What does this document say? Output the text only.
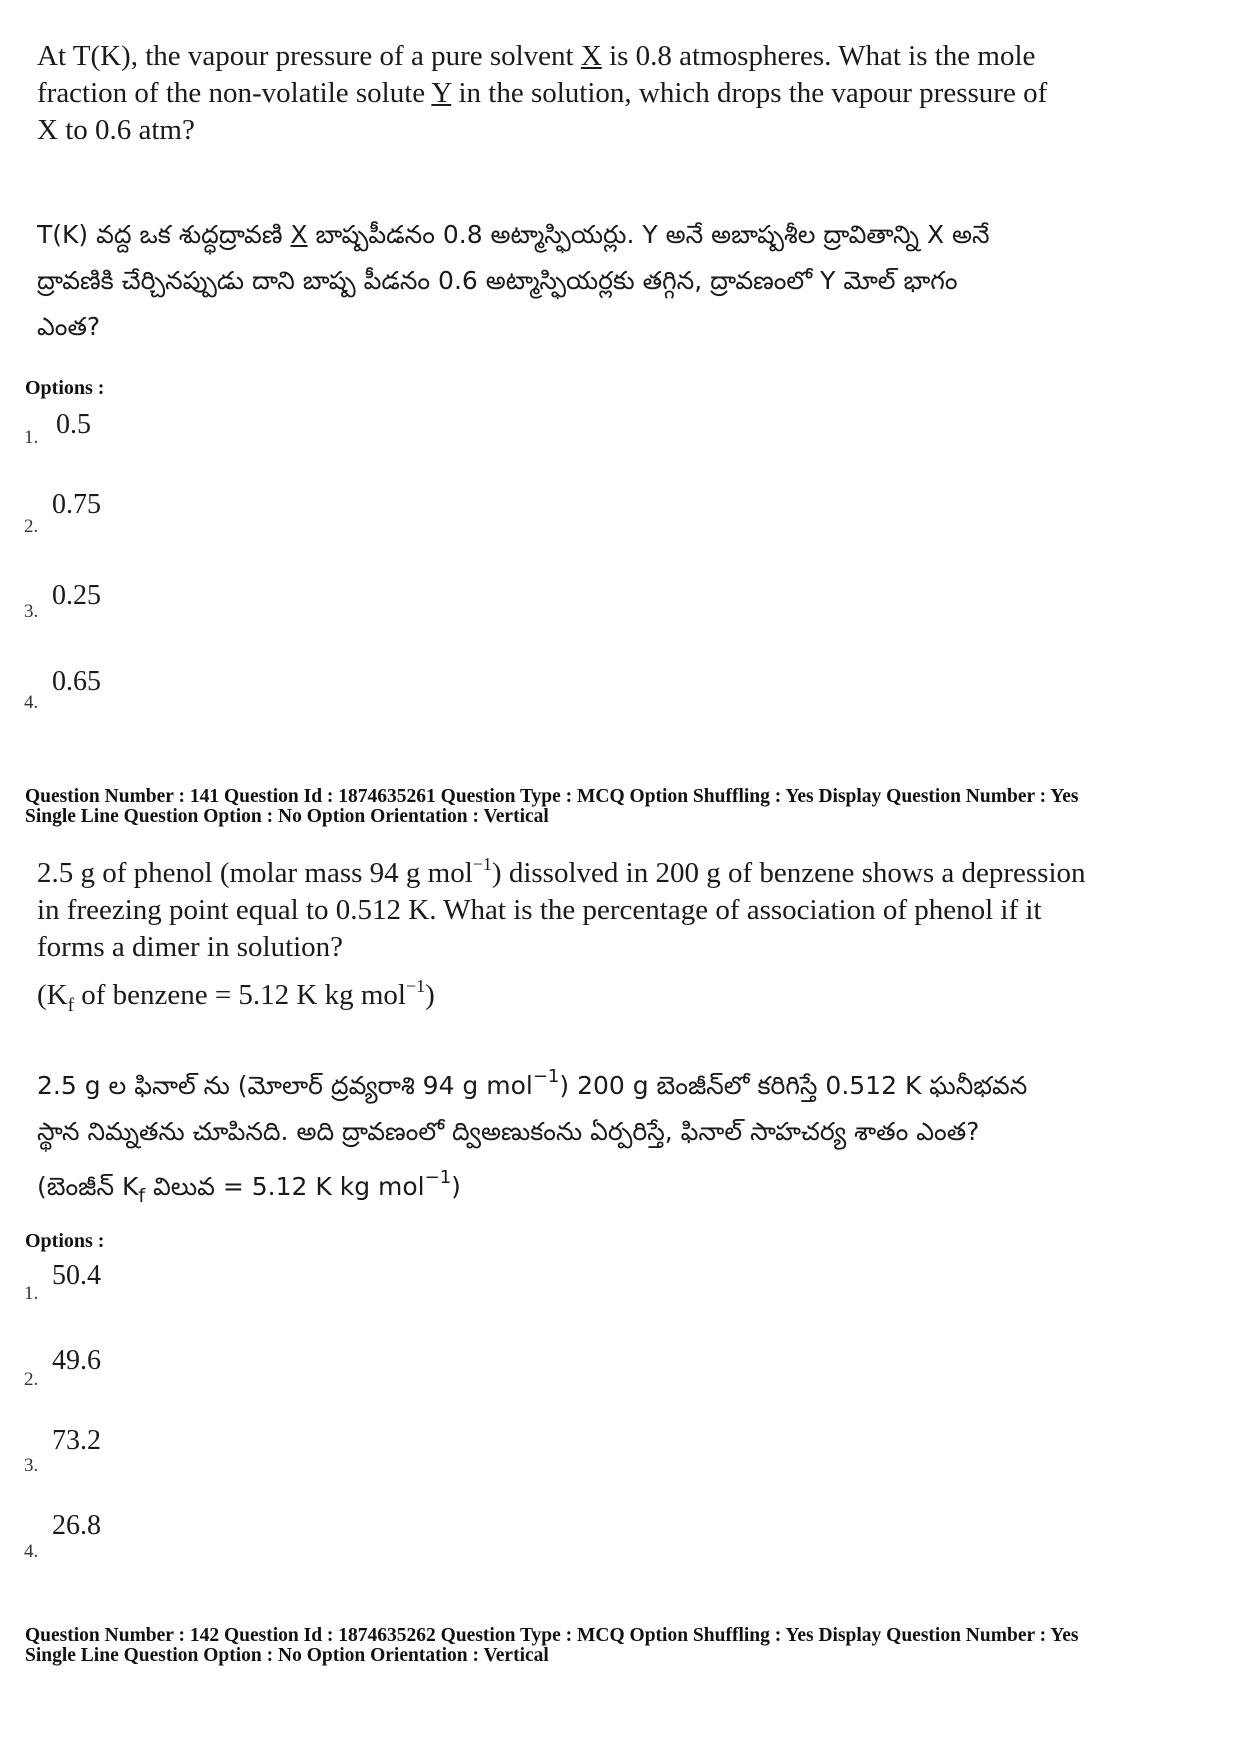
At T(K), the vapour pressure of a pure solvent X is 0.8 atmospheres. What is the mole

fraction of the non-volatile solute Y in the solution, which drops the vapour pressure of

X to 0.6 atm?

T(K) వద్ద ఒక శుద్ధద్రావణి X బాష్పపీడనం 0.8 అట్మాస్ఫియర్లు. Y అనే అబాష్పశీల ద్రావితాన్ని X అనే

ద్రావణికి చేర్చినప్పుడు దాని బాష్ప పీడనం 0.6 అట్మాస్ఫియర్లకు తగ్గిన, ద్రావణంలో Y మోల్ భాగం

ఎంత?

Options :
1. 0.5
2.
0.75
3.
0.25
4.
0.65

Question Number : 141 Question Id : 1874635261 Question Type : MCQ Option Shuffling : Yes Display Question Number : Yes

Single Line Question Option : No Option Orientation : Vertical

2.5 g of phenol (molar mass 94 g mol$^{-1}$) dissolved in 200 g of benzene shows a depression

in freezing point equal to 0.512 K. What is the percentage of association of phenol if it

forms a dimer in solution?

($K_f$ of benzene = 5.12 K kg mol$^{-1}$)

2.5 g ల ఫినాల్ ను (మోలార్ ద్రవ్యరాశి 94 g mol$^{-1}$) 200 g బెంజీన్‌లో కరిగిస్తే 0.512 K ఘనీభవన

స్థాన నిమ్నతను చూపినది. అది ద్రావణంలో ద్విఅణుకంను ఏర్పరిస్తే, ఫినాల్ సాహచర్య శాతం ఎంత?

(బెంజీన్ $K_f$ విలువ = 5.12 K kg mol$^{-1}$)

Options :
1.
50.4
2.
49.6
3.
73.2
4.
26.8

Question Number : 142 Question Id : 1874635262 Question Type : MCQ Option Shuffling : Yes Display Question Number : Yes

Single Line Question Option : No Option Orientation : Vertical
